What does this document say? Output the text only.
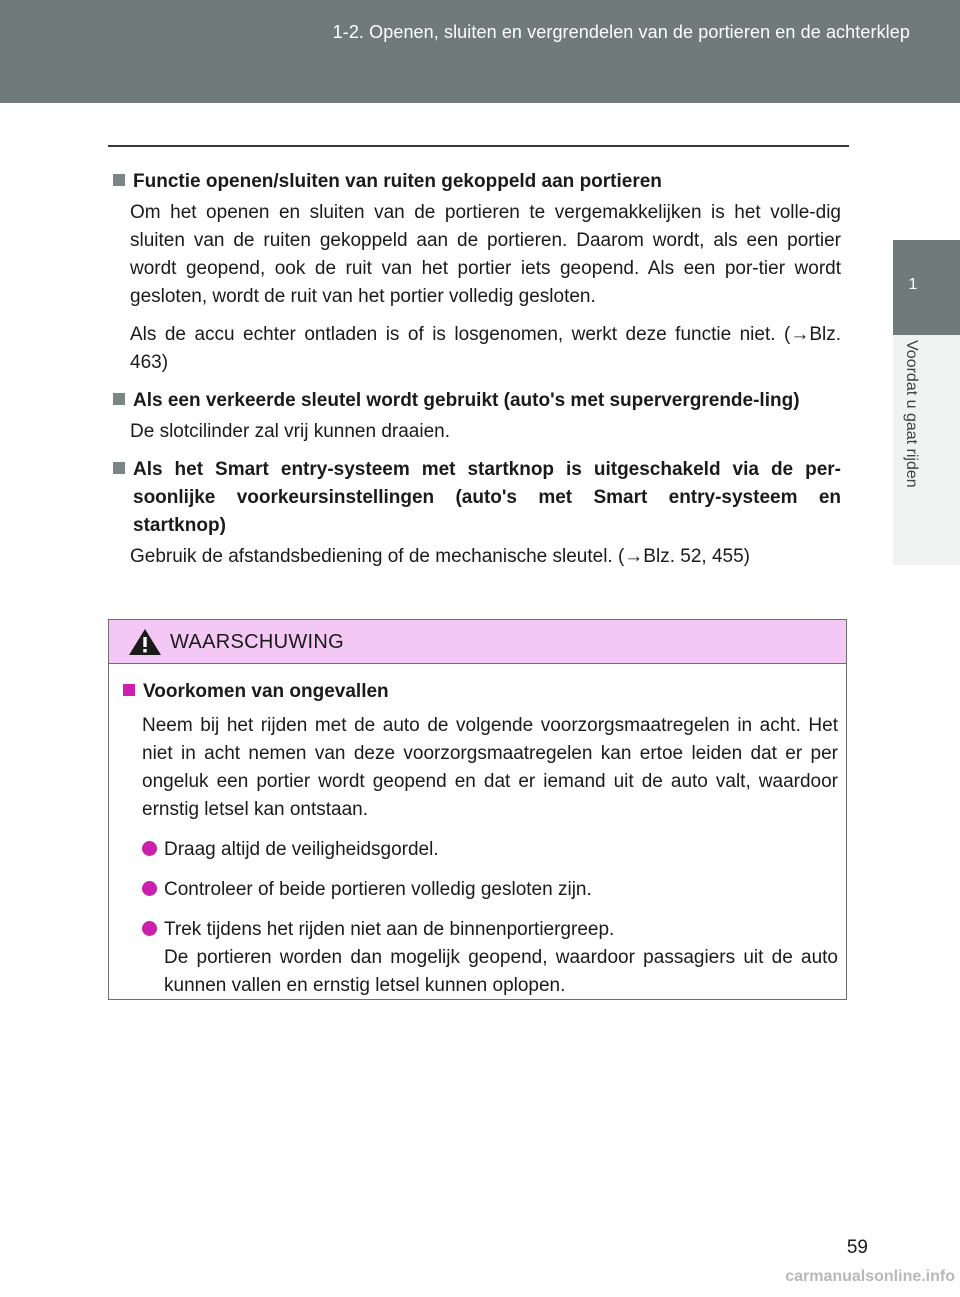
1-2. Openen, sluiten en vergrendelen van de portieren en de achterklep
1
Voordat u gaat rijden
Functie openen/sluiten van ruiten gekoppeld aan portieren
Om het openen en sluiten van de portieren te vergemakkelijken is het volle-dig sluiten van de ruiten gekoppeld aan de portieren. Daarom wordt, als een portier wordt geopend, ook de ruit van het portier iets geopend. Als een por-tier wordt gesloten, wordt de ruit van het portier volledig gesloten.
Als de accu echter ontladen is of is losgenomen, werkt deze functie niet. (→Blz. 463)
Als een verkeerde sleutel wordt gebruikt (auto's met supervergrende-ling)
De slotcilinder zal vrij kunnen draaien.
Als het Smart entry-systeem met startknop is uitgeschakeld via de per-soonlijke voorkeursinstellingen (auto's met Smart entry-systeem en startknop)
Gebruik de afstandsbediening of de mechanische sleutel. (→Blz. 52, 455)
WAARSCHUWING
Voorkomen van ongevallen
Neem bij het rijden met de auto de volgende voorzorgsmaatregelen in acht. Het niet in acht nemen van deze voorzorgsmaatregelen kan ertoe leiden dat er per ongeluk een portier wordt geopend en dat er iemand uit de auto valt, waardoor ernstig letsel kan ontstaan.
Draag altijd de veiligheidsgordel.
Controleer of beide portieren volledig gesloten zijn.
Trek tijdens het rijden niet aan de binnenportiergreep.
De portieren worden dan mogelijk geopend, waardoor passagiers uit de auto kunnen vallen en ernstig letsel kunnen oplopen.
59
carmanualsonline.info
